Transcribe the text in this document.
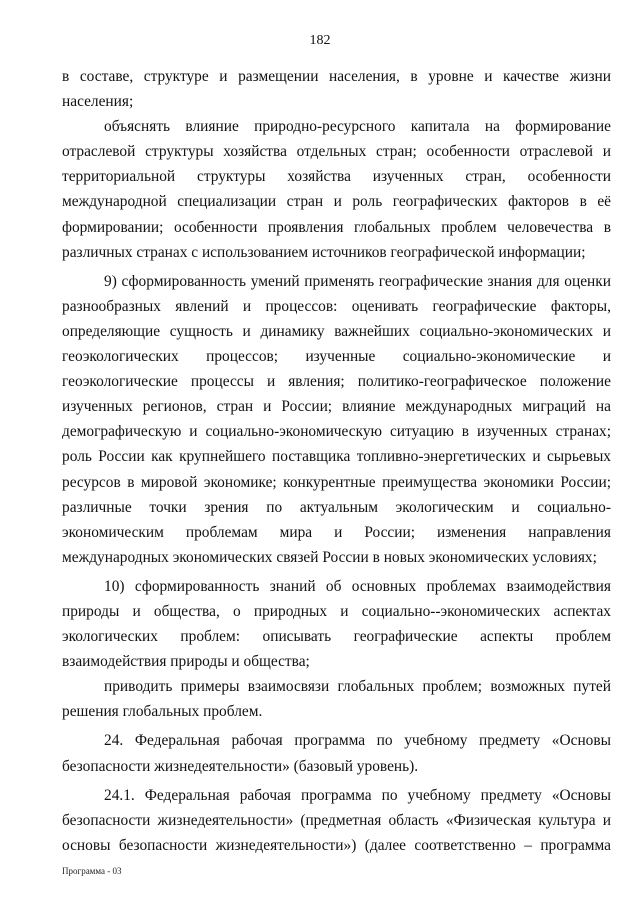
182

в составе, структуре и размещении населения, в уровне и качестве жизни населения;

объяснять влияние природно-ресурсного капитала на формирование отраслевой структуры хозяйства отдельных стран; особенности отраслевой и территориальной структуры хозяйства изученных стран, особенности международной специализации стран и роль географических факторов в её формировании; особенности проявления глобальных проблем человечества в различных странах с использованием источников географической информации;

9) сформированность умений применять географические знания для оценки разнообразных явлений и процессов: оценивать географические факторы, определяющие сущность и динамику важнейших социально-экономических и геоэкологических процессов; изученные социально-экономические и геоэкологические процессы и явления; политико-географическое положение изученных регионов, стран и России; влияние международных миграций на демографическую и социально-экономическую ситуацию в изученных странах; роль России как крупнейшего поставщика топливно-энергетических и сырьевых ресурсов в мировой экономике; конкурентные преимущества экономики России; различные точки зрения по актуальным экологическим и социально-экономическим проблемам мира и России; изменения направления международных экономических связей России в новых экономических условиях;

10) сформированность знаний об основных проблемах взаимодействия природы и общества, о природных и социально--экономических аспектах экологических проблем: описывать географические аспекты проблем взаимодействия природы и общества;

приводить примеры взаимосвязи глобальных проблем; возможных путей решения глобальных проблем.

24. Федеральная рабочая программа по учебному предмету «Основы безопасности жизнедеятельности» (базовый уровень).

24.1. Федеральная рабочая программа по учебному предмету «Основы безопасности жизнедеятельности» (предметная область «Физическая культура и основы безопасности жизнедеятельности») (далее соответственно – программа

Программа - 03
